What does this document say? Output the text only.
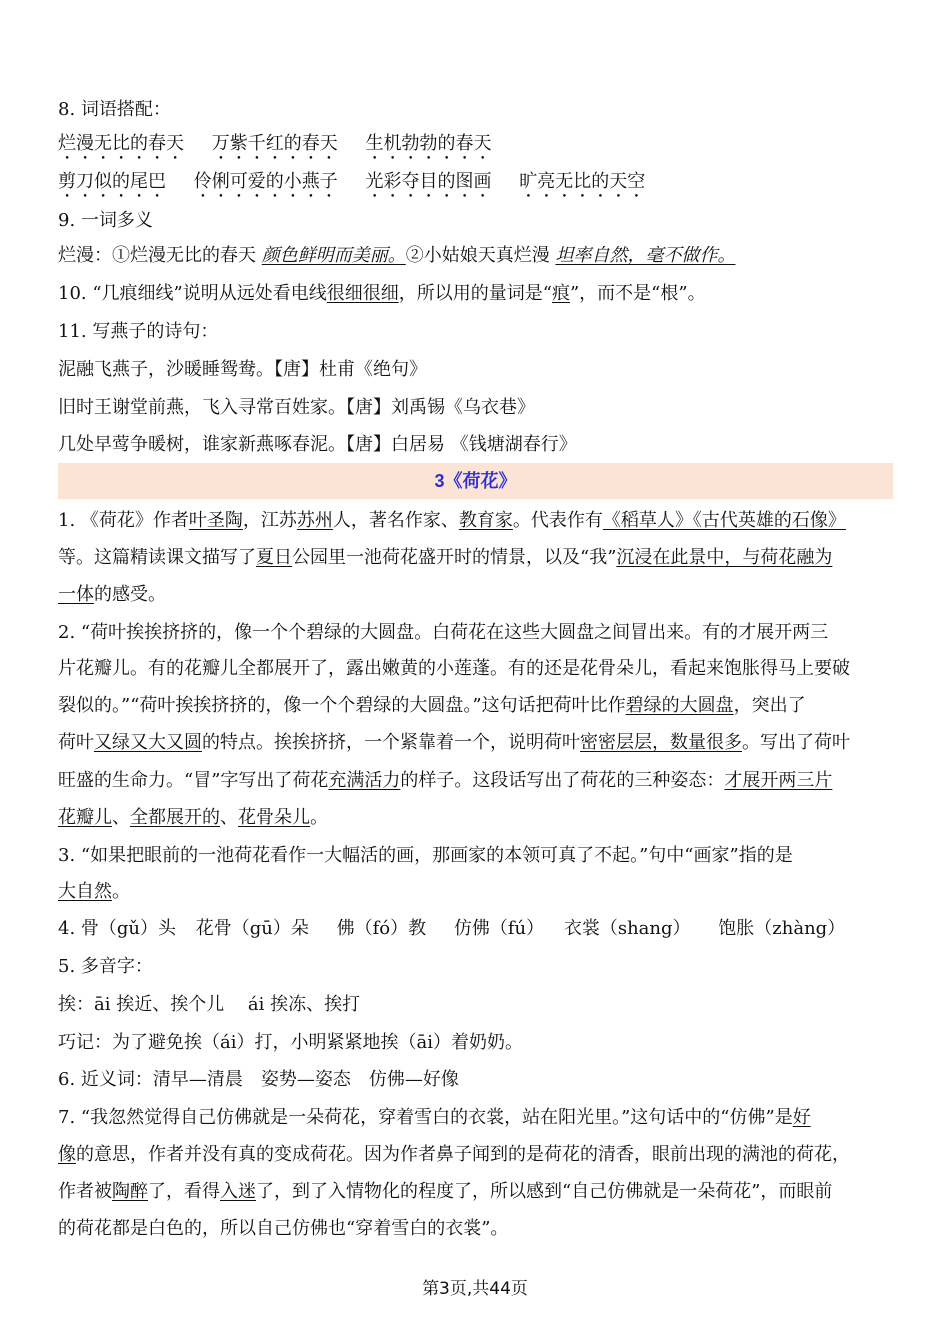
8. 词语搭配：
烂漫无比的春天 万紫千红的春天 生机勃勃的春天
剪刀似的尾巴 伶俐可爱的小燕子 光彩夺目的图画 旷亮无比的天空
9. 一词多义
烂漫：①烂漫无比的春天 颜色鲜明而美丽。②小姑娘天真烂漫 坦率自然，毫不做作。
10. “几痕细线”说明从远处看电线很细很细，所以用的量词是“痕”，而不是“根”。
11. 写燕子的诗句：
泥融飞燕子，沙暖睡鸳鸯。【唐】杜甫《绝句》
旧时王谢堂前燕，飞入寻常百姓家。【唐】刘禹锡《乌衣巷》
几处早莺争暖树，谁家新燕啄春泥。【唐】白居易 《钱塘湖春行》
3《荷花》
1. 《荷花》作者叶圣陶，江苏苏州人，著名作家、教育家。代表作有《稻草人》《古代英雄的石像》
等。这篇精读课文描写了夏日公园里一池荷花盛开时的情景，以及“我”沉浸在此景中，与荷花融为
一体的感受。
2. “荷叶挨挨挤挤的，像一个个碧绿的大圆盘。白荷花在这些大圆盘之间冒出来。有的才展开两三
片花瓣儿。有的花瓣儿全都展开了，露出嫩黄的小莲蓬。有的还是花骨朵儿，看起来饱胀得马上要破
裂似的。”“荷叶挨挨挤挤的，像一个个碧绿的大圆盘。”这句话把荷叶比作碧绿的大圆盘，突出了
荷叶又绿又大又圆的特点。挨挨挤挤，一个紧靠着一个，说明荷叶密密层层，数量很多。写出了荷叶
旺盛的生命力。“冒”字写出了荷花充满活力的样子。这段话写出了荷花的三种姿态：才展开两三片
花瓣儿、全都展开的、花骨朵儿。
3. “如果把眼前的一池荷花看作一大幅活的画，那画家的本领可真了不起。”句中“画家”指的是
大自然。
4. 骨（gǔ）头 花骨（gū）朵 佛（fó）教 仿佛（fú） 衣裳（shang） 饱胀（zhàng）
5. 多音字：
挨：āi 挨近、挨个儿　 ái 挨冻、挨打
巧记：为了避免挨（ái）打，小明紧紧地挨（āi）着奶奶。
6. 近义词：清早—清晨　姿势—姿态　仿佛—好像
7. “我忽然觉得自己仿佛就是一朵荷花，穿着雪白的衣裳，站在阳光里。”这句话中的“仿佛”是好
像的意思，作者并没有真的变成荷花。因为作者鼻子闻到的是荷花的清香，眼前出现的满池的荷花，
作者被陶醉了，看得入迷了，到了入情物化的程度了，所以感到“自己仿佛就是一朵荷花”，而眼前
的荷花都是白色的，所以自己仿佛也“穿着雪白的衣裳”。
第3页,共44页
